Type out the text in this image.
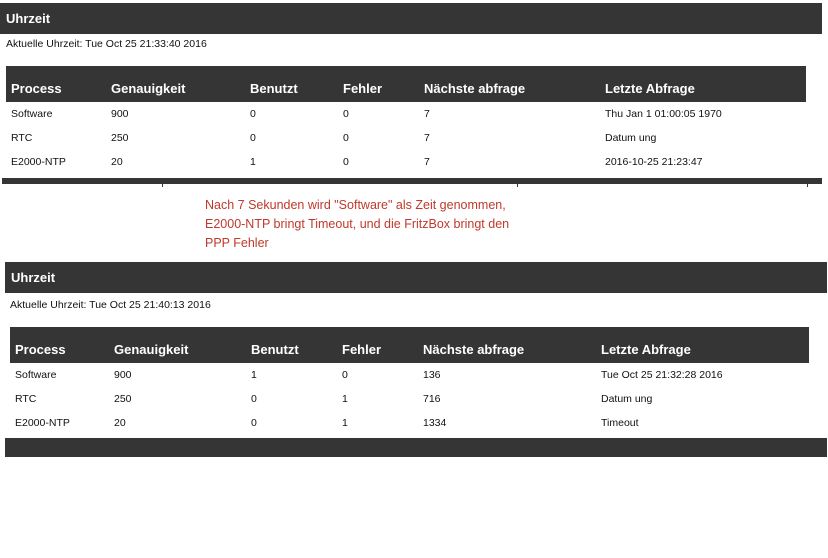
Uhrzeit
Aktuelle Uhrzeit: Tue Oct 25 21:33:40 2016
Process	Genauigkeit	Benutzt	Fehler	Nächste abfrage	Letzte Abfrage
Software	900	0	0	7	Thu Jan 1 01:00:05 1970
RTC	250	0	0	7	Datum ung
E2000-NTP	20	1	0	7	2016-10-25 21:23:47
Nach 7 Sekunden wird "Software" als Zeit genommen,
E2000-NTP bringt Timeout, und die FritzBox bringt den
PPP Fehler
Uhrzeit
Aktuelle Uhrzeit: Tue Oct 25 21:40:13 2016
Process	Genauigkeit	Benutzt	Fehler	Nächste abfrage	Letzte Abfrage
Software	900	1	0	136	Tue Oct 25 21:32:28 2016
RTC	250	0	1	716	Datum ung
E2000-NTP	20	0	1	1334	Timeout
